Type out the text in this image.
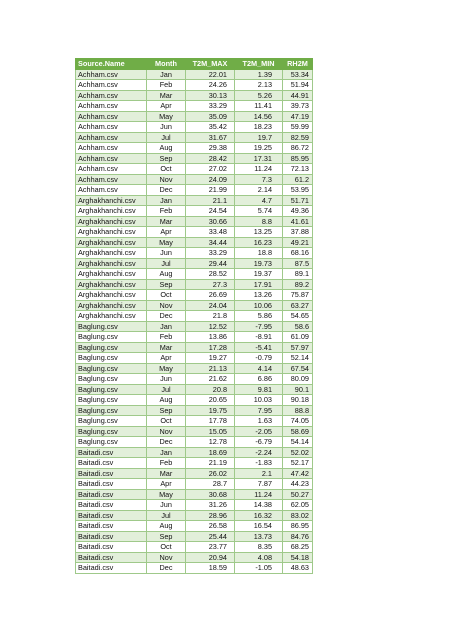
Source.Name	Month	T2M_MAX	T2M_MIN	RH2M
Achham.csv	Jan	22.01	1.39	53.34
Achham.csv	Feb	24.26	2.13	51.94
Achham.csv	Mar	30.13	5.26	44.91
Achham.csv	Apr	33.29	11.41	39.73
Achham.csv	May	35.09	14.56	47.19
Achham.csv	Jun	35.42	18.23	59.99
Achham.csv	Jul	31.67	19.7	82.59
Achham.csv	Aug	29.38	19.25	86.72
Achham.csv	Sep	28.42	17.31	85.95
Achham.csv	Oct	27.02	11.24	72.13
Achham.csv	Nov	24.09	7.3	61.2
Achham.csv	Dec	21.99	2.14	53.95
Arghakhanchi.csv	Jan	21.1	4.7	51.71
Arghakhanchi.csv	Feb	24.54	5.74	49.36
Arghakhanchi.csv	Mar	30.66	8.8	41.61
Arghakhanchi.csv	Apr	33.48	13.25	37.88
Arghakhanchi.csv	May	34.44	16.23	49.21
Arghakhanchi.csv	Jun	33.29	18.8	68.16
Arghakhanchi.csv	Jul	29.44	19.73	87.5
Arghakhanchi.csv	Aug	28.52	19.37	89.1
Arghakhanchi.csv	Sep	27.3	17.91	89.2
Arghakhanchi.csv	Oct	26.69	13.26	75.87
Arghakhanchi.csv	Nov	24.04	10.06	63.27
Arghakhanchi.csv	Dec	21.8	5.86	54.65
Baglung.csv	Jan	12.52	-7.95	58.6
Baglung.csv	Feb	13.86	-8.91	61.09
Baglung.csv	Mar	17.28	-5.41	57.97
Baglung.csv	Apr	19.27	-0.79	52.14
Baglung.csv	May	21.13	4.14	67.54
Baglung.csv	Jun	21.62	6.86	80.09
Baglung.csv	Jul	20.8	9.81	90.1
Baglung.csv	Aug	20.65	10.03	90.18
Baglung.csv	Sep	19.75	7.95	88.8
Baglung.csv	Oct	17.78	1.63	74.05
Baglung.csv	Nov	15.05	-2.05	58.69
Baglung.csv	Dec	12.78	-6.79	54.14
Baitadi.csv	Jan	18.69	-2.24	52.02
Baitadi.csv	Feb	21.19	-1.83	52.17
Baitadi.csv	Mar	26.02	2.1	47.42
Baitadi.csv	Apr	28.7	7.87	44.23
Baitadi.csv	May	30.68	11.24	50.27
Baitadi.csv	Jun	31.26	14.38	62.05
Baitadi.csv	Jul	28.96	16.32	83.02
Baitadi.csv	Aug	26.58	16.54	86.95
Baitadi.csv	Sep	25.44	13.73	84.76
Baitadi.csv	Oct	23.77	8.35	68.25
Baitadi.csv	Nov	20.94	4.08	54.18
Baitadi.csv	Dec	18.59	-1.05	48.63
